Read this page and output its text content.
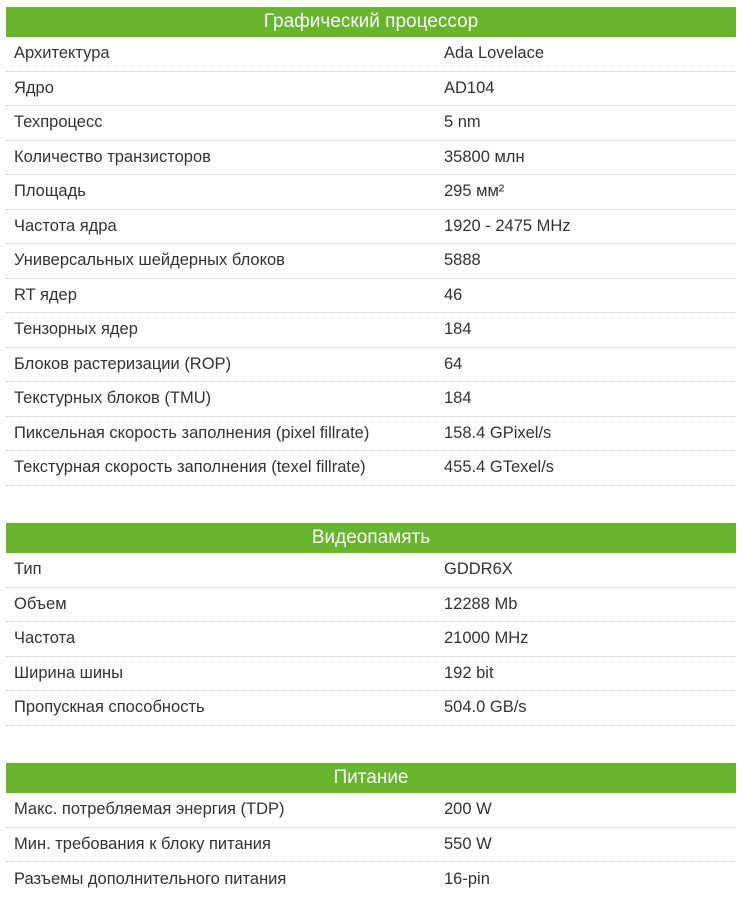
Графический процессор
Архитектура	Ada Lovelace
Ядро	AD104
Техпроцесс	5 nm
Количество транзисторов	35800 млн
Площадь	295 мм²
Частота ядра	1920 - 2475 MHz
Универсальных шейдерных блоков	5888
RT ядер	46
Тензорных ядер	184
Блоков растеризации (ROP)	64
Текстурных блоков (TMU)	184
Пиксельная скорость заполнения (pixel fillrate)	158.4 GPixel/s
Текстурная скорость заполнения (texel fillrate)	455.4 GTexel/s
Видеопамять
Тип	GDDR6X
Объем	12288 Mb
Частота	21000 MHz
Ширина шины	192 bit
Пропускная способность	504.0 GB/s
Питание
Макс. потребляемая энергия (TDP)	200 W
Мин. требования к блоку питания	550 W
Разъемы дополнительного питания	16-pin
